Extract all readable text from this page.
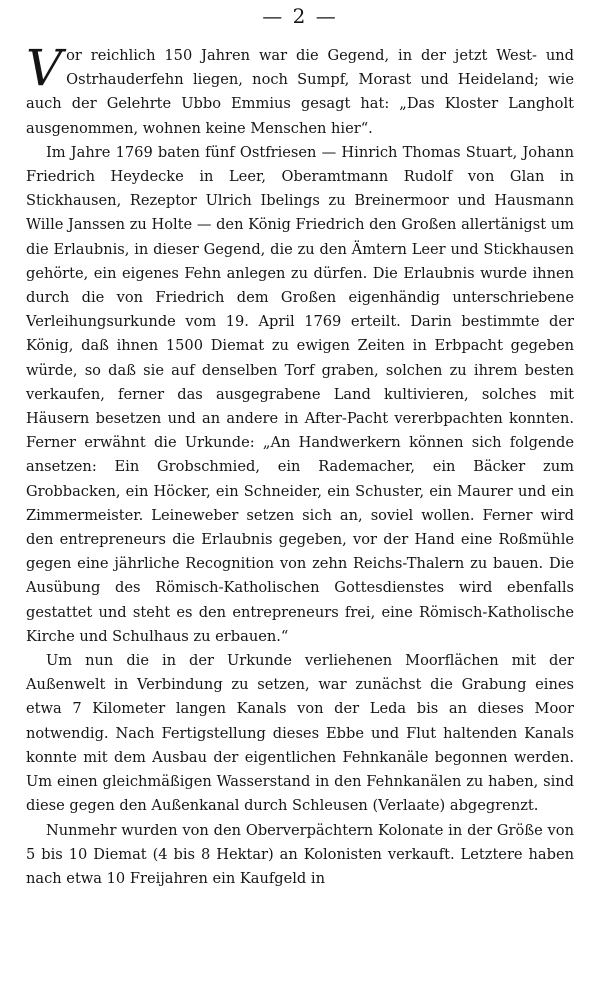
— 2 —

Vor reichlich 150 Jahren war die Gegend, in der jetzt West- und Ostrhauderfehn liegen, noch Sumpf, Morast und Heideland; wie auch der Gelehrte Ubbo Emmius gesagt hat: „Das Kloster Langholt ausgenommen, wohnen keine Menschen hier“.

Im Jahre 1769 baten fünf Ostfriesen — Hinrich Thomas Stuart, Johann Friedrich Heydecke in Leer, Oberamtmann Rudolf von Glan in Stickhausen, Rezeptor Ulrich Ibelings zu Breinermoor und Hausmann Wille Janssen zu Holte — den König Friedrich den Großen allertänigst um die Erlaubnis, in dieser Gegend, die zu den Ämtern Leer und Stickhausen gehörte, ein eigenes Fehn anlegen zu dürfen. Die Erlaubnis wurde ihnen durch die von Friedrich dem Großen eigenhändig unterschriebene Verleihungsurkunde vom 19. April 1769 erteilt. Darin bestimmte der König, daß ihnen 1500 Diemat zu ewigen Zeiten in Erbpacht gegeben würde, so daß sie auf denselben Torf graben, solchen zu ihrem besten verkaufen, ferner das ausgegrabene Land kultivieren, solches mit Häusern besetzen und an andere in After-Pacht vererbpachten konnten. Ferner erwähnt die Urkunde: „An Handwerkern können sich folgende ansetzen: Ein Grobschmied, ein Rademacher, ein Bäcker zum Grobbacken, ein Höcker, ein Schneider, ein Schuster, ein Maurer und ein Zimmermeister. Leineweber setzen sich an, soviel wollen. Ferner wird den entrepreneurs die Erlaubnis gegeben, vor der Hand eine Roßmühle gegen eine jährliche Recognition von zehn Reichs-Thalern zu bauen. Die Ausübung des Römisch-Katholischen Gottesdienstes wird ebenfalls gestattet und steht es den entrepreneurs frei, eine Römisch-Katholische Kirche und Schulhaus zu erbauen.“

Um nun die in der Urkunde verliehenen Moorflächen mit der Außenwelt in Verbindung zu setzen, war zunächst die Grabung eines etwa 7 Kilometer langen Kanals von der Leda bis an dieses Moor notwendig. Nach Fertigstellung dieses Ebbe und Flut haltenden Kanals konnte mit dem Ausbau der eigentlichen Fehnkanäle begonnen werden. Um einen gleichmäßigen Wasserstand in den Fehnkanälen zu haben, sind diese gegen den Außenkanal durch Schleusen (Verlaate) abgegrenzt.

Nunmehr wurden von den Oberverpächtern Kolonate in der Größe von 5 bis 10 Diemat (4 bis 8 Hektar) an Kolonisten verkauft. Letztere haben nach etwa 10 Freijahren ein Kaufgeld in
